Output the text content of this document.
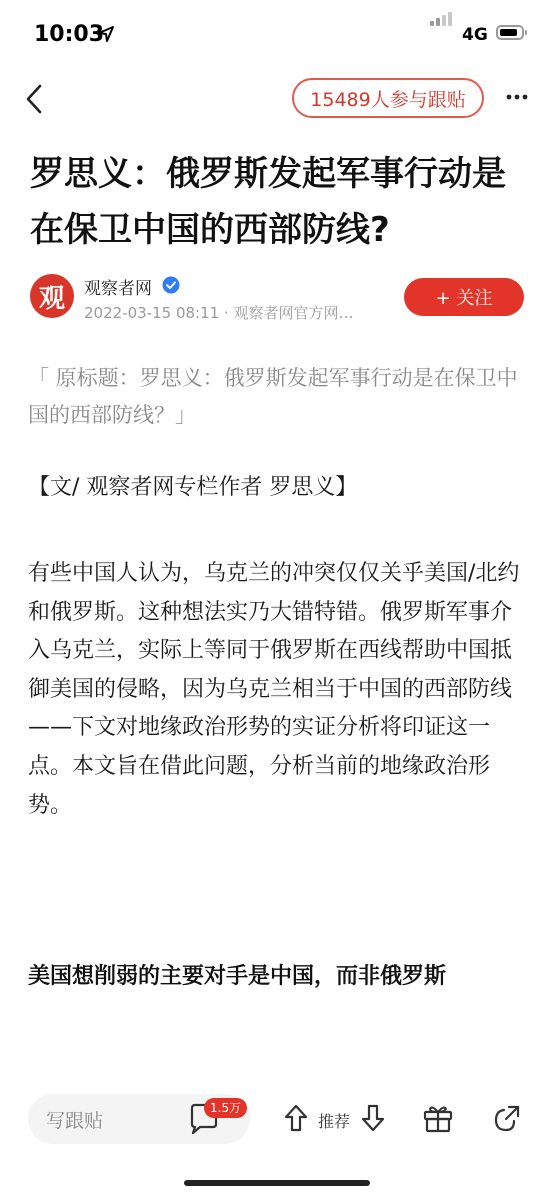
10:03	4G
15489人参与跟贴
罗思义：俄罗斯发起军事行动是在保卫中国的西部防线?
观 观察者网
2022-03-15 08:11 · 观察者网官方网…
+ 关注
「 原标题：罗思义：俄罗斯发起军事行动是在保卫中国的西部防线？」
【文/ 观察者网专栏作者 罗思义】
有些中国人认为，乌克兰的冲突仅仅关乎美国/北约和俄罗斯。这种想法实乃大错特错。俄罗斯军事介入乌克兰，实际上等同于俄罗斯在西线帮助中国抵御美国的侵略，因为乌克兰相当于中国的西部防线——下文对地缘政治形势的实证分析将印证这一点。本文旨在借此问题，分析当前的地缘政治形势。
美国想削弱的主要对手是中国，而非俄罗斯
写跟贴
1.5万
推荐
